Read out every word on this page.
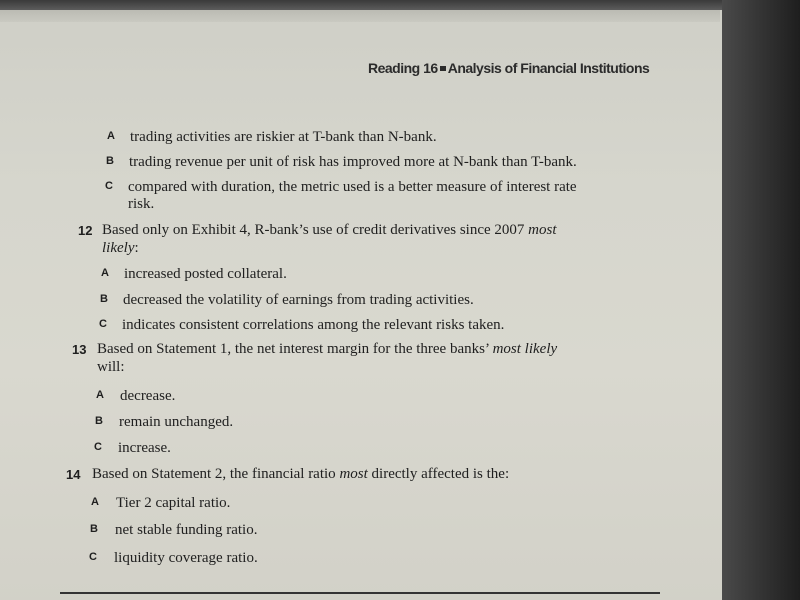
Reading 16 Analysis of Financial Institutions
A trading activities are riskier at T-bank than N-bank.
B trading revenue per unit of risk has improved more at N-bank than T-bank.
C compared with duration, the metric used is a better measure of interest rate
risk.
12 Based only on Exhibit 4, R-bank’s use of credit derivatives since 2007 most
likely:
A increased posted collateral.
B decreased the volatility of earnings from trading activities.
C indicates consistent correlations among the relevant risks taken.
13 Based on Statement 1, the net interest margin for the three banks’ most likely
will:
A decrease.
B remain unchanged.
C increase.
14 Based on Statement 2, the financial ratio most directly affected is the:
A Tier 2 capital ratio.
B net stable funding ratio.
C liquidity coverage ratio.
